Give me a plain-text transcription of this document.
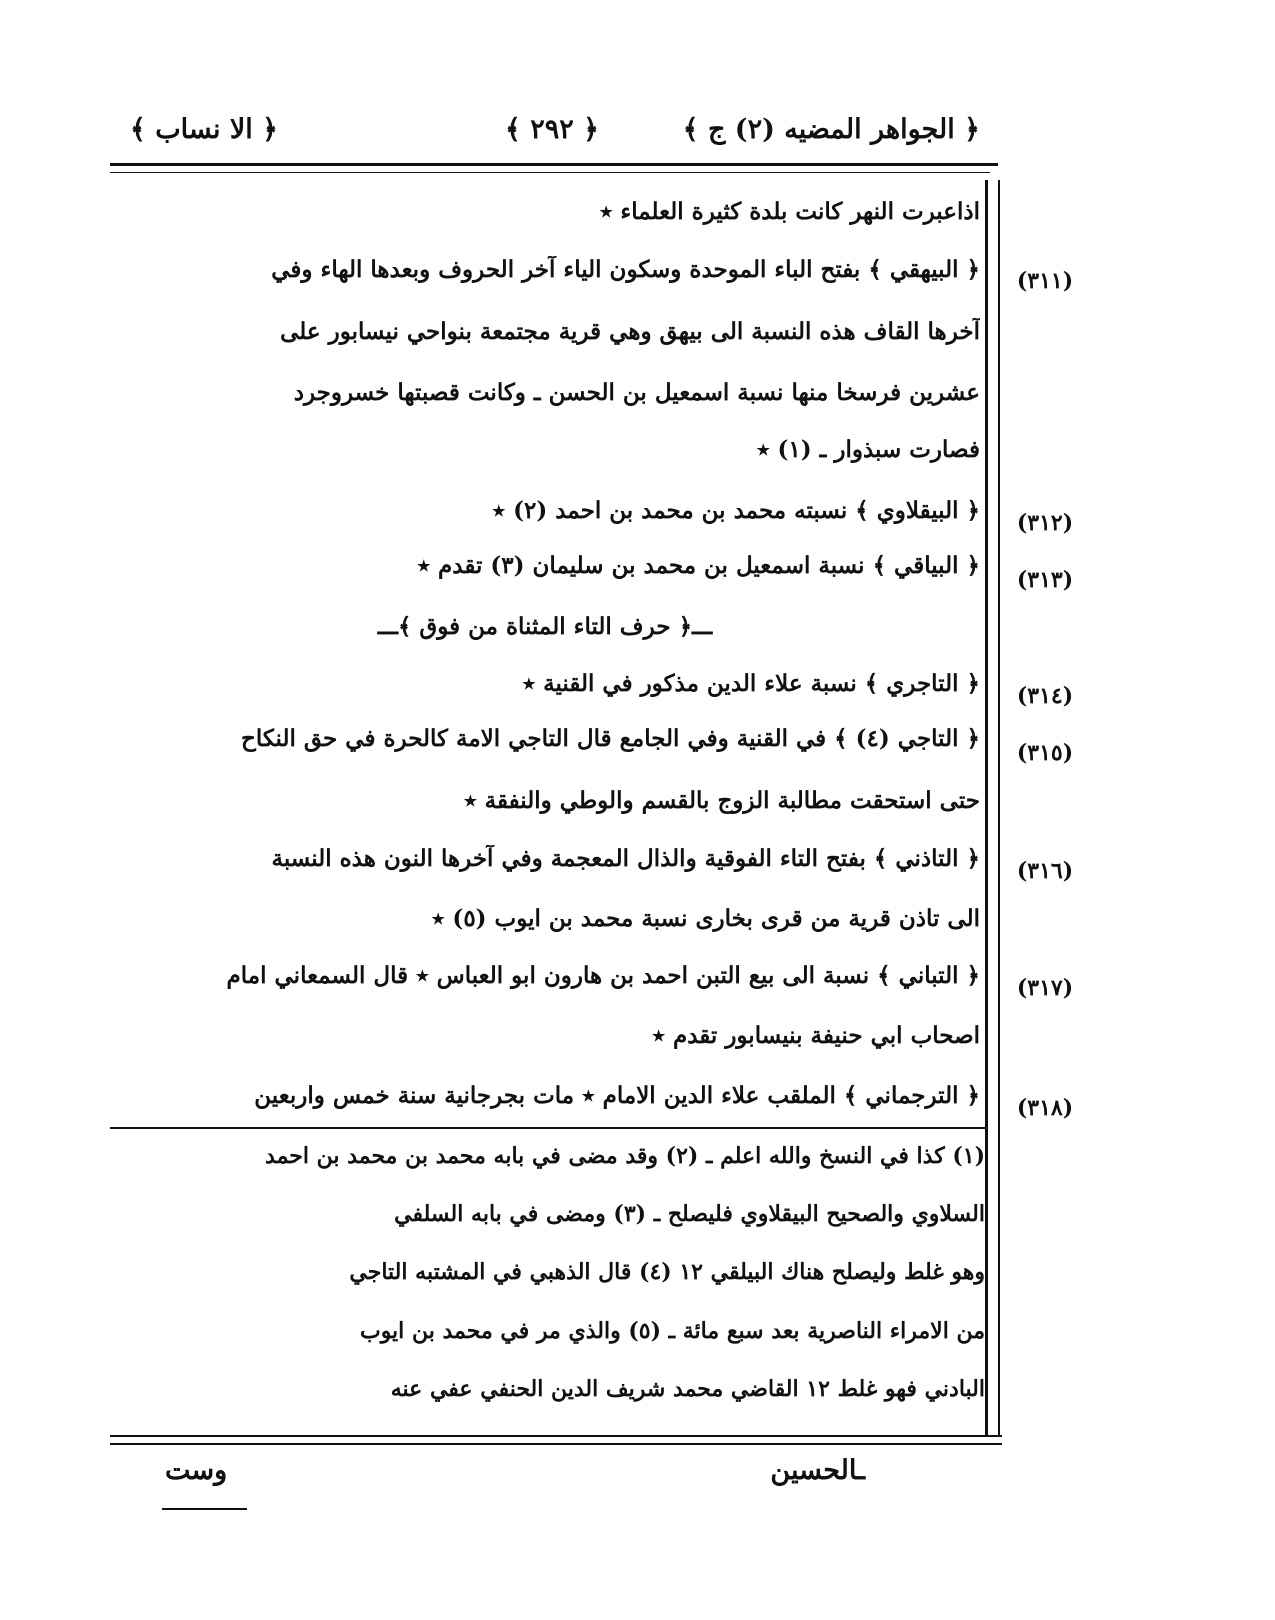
﴿ الجواهر المضيه (٢) ج ﴾
﴿ ٢٩٢ ﴾
﴿ الا نساب ﴾
اذاعبرت النهر كانت بلدة كثيرة العلماء ٭
(٣١١)
﴿ البيهقي ﴾ بفتح الباء الموحدة وسكون الياء آخر الحروف وبعدها الهاء وفي
آخرها القاف هذه النسبة الى بيهق وهي قرية مجتمعة بنواحي نيسابور على
عشرين فرسخا منها نسبة اسمعيل بن الحسن ـ وكانت قصبتها خسروجرد
فصارت سبذوار ـ (١) ٭
(٣١٢)
﴿ البيقلاوي ﴾ نسبته محمد بن محمد بن احمد (٢) ٭
(٣١٣)
﴿ البياقي ﴾ نسبة اسمعيل بن محمد بن سليمان (٣) تقدم ٭
ـــ﴿ حرف التاء المثناة من فوق ﴾ـــ
(٣١٤)
﴿ التاجري ﴾ نسبة علاء الدين مذكور في القنية ٭
(٣١٥)
﴿ التاجي (٤) ﴾ في القنية وفي الجامع قال التاجي الامة كالحرة في حق النكاح
حتى استحقت مطالبة الزوج بالقسم والوطي والنفقة ٭
(٣١٦)
﴿ التاذني ﴾ بفتح التاء الفوقية والذال المعجمة وفي آخرها النون هذه النسبة
الى تاذن قرية من قرى بخارى نسبة محمد بن ايوب (٥) ٭
(٣١٧)
﴿ التباني ﴾ نسبة الى بيع التبن احمد بن هارون ابو العباس ٭ قال السمعاني امام
اصحاب ابي حنيفة بنيسابور تقدم ٭
(٣١٨)
﴿ الترجماني ﴾ الملقب علاء الدين الامام ٭ مات بجرجانية سنة خمس واربعين
(١) كذا في النسخ والله اعلم ـ (٢) وقد مضى في بابه محمد بن محمد بن احمد
السلاوي والصحيح البيقلاوي فليصلح ـ (٣) ومضى في بابه السلفي
وهو غلط وليصلح هناك البيلقي ١٢ (٤) قال الذهبي في المشتبه التاجي
من الامراء الناصرية بعد سبع مائة ـ (٥) والذي مر في محمد بن ايوب
البادني فهو غلط ١٢ القاضي محمد شريف الدين الحنفي عفي عنه
ـالحسين
وست
